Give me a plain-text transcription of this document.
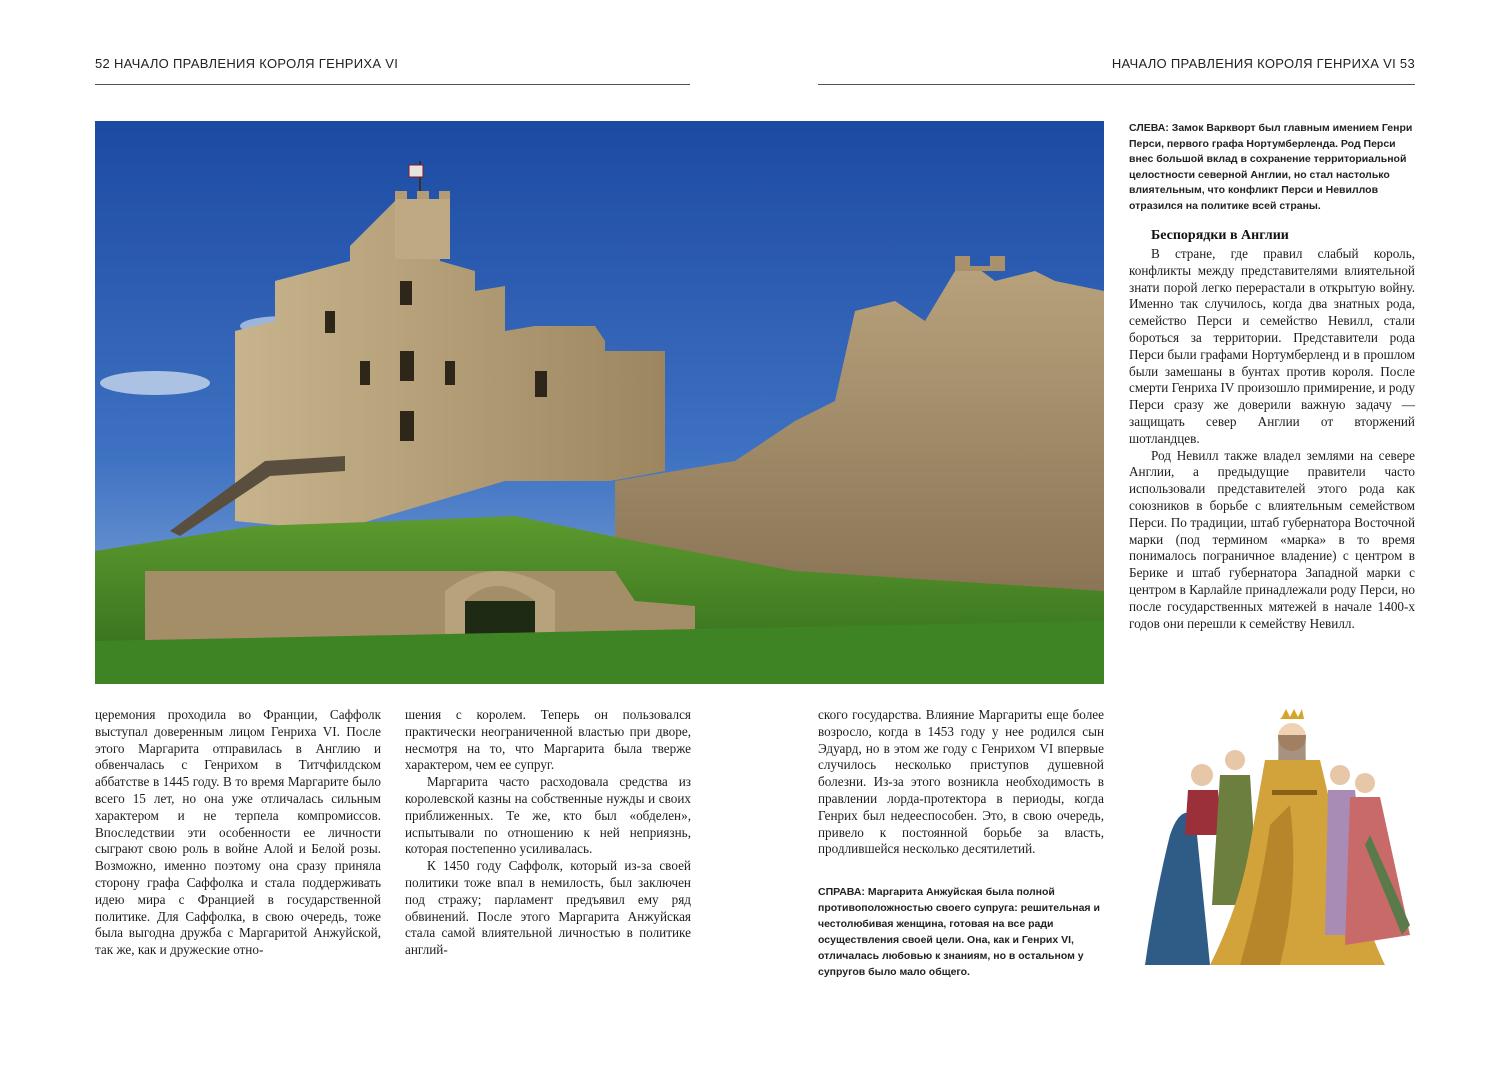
52 НАЧАЛО ПРАВЛЕНИЯ КОРОЛЯ ГЕНРИХА VI	НАЧАЛО ПРАВЛЕНИЯ КОРОЛЯ ГЕНРИХА VI 53

СЛЕВА: Замок Варкворт был главным имением Генри Перси, первого графа Нортумберленда. Род Перси внес большой вклад в сохранение территориальной целостности северной Англии, но стал настолько влиятельным, что конфликт Перси и Невиллов отразился на политике всей страны.

Беспорядки в Англии

В стране, где правил слабый король, конфликты между представителями влиятельной знати порой легко перерастали в открытую войну. Именно так случилось, когда два знатных рода, семейство Перси и семейство Невилл, стали бороться за территории. Представители рода Перси были графами Нортумберленд и в прошлом были замешаны в бунтах против короля. После смерти Генриха IV произошло примирение, и роду Перси сразу же доверили важную задачу — защищать север Англии от вторжений шотландцев.

Род Невилл также владел землями на севере Англии, а предыдущие правители часто использовали представителей этого рода как союзников в борьбе с влиятельным семейством Перси. По традиции, штаб губернатора Восточной марки (под термином «марка» в то время понималось пограничное владение) с центром в Берике и штаб губернатора Западной марки с центром в Карлайле принадлежали роду Перси, но после государственных мятежей в начале 1400-х годов они перешли к семейству Невилл.

церемония проходила во Франции, Саффолк выступал доверенным лицом Генриха VI. После этого Маргарита отправилась в Англию и обвенчалась с Генрихом в Титчфилдском аббатстве в 1445 году. В то время Маргарите было всего 15 лет, но она уже отличалась сильным характером и не терпела компромиссов. Впоследствии эти особенности ее личности сыграют свою роль в войне Алой и Белой розы. Возможно, именно поэтому она сразу приняла сторону графа Саффолка и стала поддерживать идею мира с Францией в государственной политике. Для Саффолка, в свою очередь, тоже была выгодна дружба с Маргаритой Анжуйской, так же, как и дружеские отно-

шения с королем. Теперь он пользовался практически неограниченной властью при дворе, несмотря на то, что Маргарита была тверже характером, чем ее супруг.

Маргарита часто расходовала средства из королевской казны на собственные нужды и своих приближенных. Те же, кто был «обделен», испытывали по отношению к ней неприязнь, которая постепенно усиливалась.

К 1450 году Саффолк, который из-за своей политики тоже впал в немилость, был заключен под стражу; парламент предъявил ему ряд обвинений. После этого Маргарита Анжуйская стала самой влиятельной личностью в политике англий-

ского государства. Влияние Маргариты еще более возросло, когда в 1453 году у нее родился сын Эдуард, но в этом же году с Генрихом VI впервые случилось несколько приступов душевной болезни. Из-за этого возникла необходимость в правлении лорда-протектора в периоды, когда Генрих был недееспособен. Это, в свою очередь, привело к постоянной борьбе за власть, продлившейся несколько десятилетий.

СПРАВА: Маргарита Анжуйская была полной противоположностью своего супруга: решительная и честолюбивая женщина, готовая на все ради осуществления своей цели. Она, как и Генрих VI, отличалась любовью к знаниям, но в остальном у супругов было мало общего.
